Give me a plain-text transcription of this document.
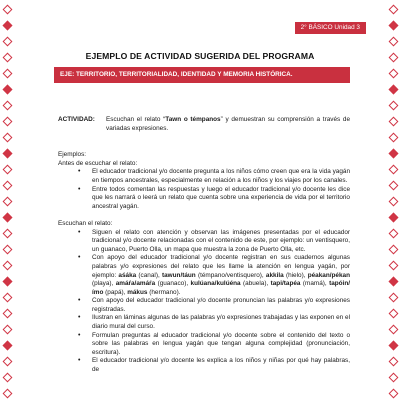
2° BÁSICO Unidad 3
EJEMPLO DE ACTIVIDAD SUGERIDA DEL PROGRAMA
EJE: TERRITORIO, TERRITORIALIDAD, IDENTIDAD Y MEMORIA HISTÓRICA.
ACTIVIDAD:	Escuchan el relato “Tawn o témpanos” y demuestran su comprensión a través de variadas expresiones.
Ejemplos:
Antes de escuchar el relato:
• El educador tradicional y/o docente pregunta a los niños cómo creen que era la vida yagán en tiempos ancestrales, especialmente en relación a los niños y los viajes por los canales.
• Entre todos comentan las respuestas y luego el educador tradicional y/o docente les dice que les narrará o leerá un relato que cuenta sobre una experiencia de vida por el territorio ancestral yagán.
Escuchan el relato:
• Siguen el relato con atención y observan las imágenes presentadas por el educador tradicional y/o docente relacionadas con el contenido de este, por ejemplo: un ventisquero, un guanaco, Puerto Olla, un mapa que muestra la zona de Puerto Olla, etc.
• Con apoyo del educador tradicional y/o docente registran en sus cuadernos algunas palabras y/o expresiones del relato que les llame la atención en lengua yagán, por ejemplo: aśáka (canal), tawun/táun (témpano/ventisquero), akkila (hielo), péakan/pékan (playa), amáŕa/amáŕa (guanaco), kulúana/kulúéna (abuela), tapi/tapéa (mamá), tapóin/ímo (papá), mákus (hermano).
• Con apoyo del educador tradicional y/o docente pronuncian las palabras y/o expresiones registradas.
• Ilustran en láminas algunas de las palabras y/o expresiones trabajadas y las exponen en el diario mural del curso.
• Formulan preguntas al educador tradicional y/o docente sobre el contenido del texto o sobre las palabras en lengua yagán que tengan alguna complejidad (pronunciación, escritura).
• El educador tradicional y/o docente les explica a los niños y niñas por qué hay palabras, de
